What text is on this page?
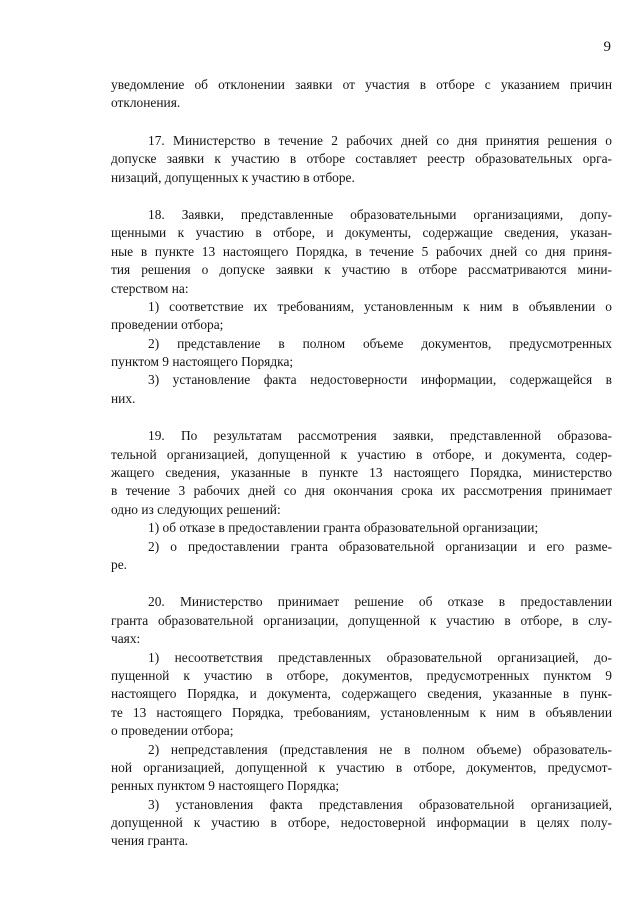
9
уведомление об отклонении заявки от участия в отборе с указанием причин
отклонения.
17. Министерство в течение 2 рабочих дней со дня принятия решения о
допуске заявки к участию в отборе составляет реестр образовательных орга-
низаций, допущенных к участию в отборе.
18. Заявки, представленные образовательными организациями, допу-
щенными к участию в отборе, и документы, содержащие сведения, указан-
ные в пункте 13 настоящего Порядка, в течение 5 рабочих дней со дня приня-
тия решения о допуске заявки к участию в отборе рассматриваются мини-
стерством на:
1) соответствие их требованиям, установленным к ним в объявлении о
проведении отбора;
2) представление в полном объеме документов, предусмотренных
пунктом 9 настоящего Порядка;
3) установление факта недостоверности информации, содержащейся в
них.
19. По результатам рассмотрения заявки, представленной образова-
тельной организацией, допущенной к участию в отборе, и документа, содер-
жащего сведения, указанные в пункте 13 настоящего Порядка, министерство
в течение 3 рабочих дней со дня окончания срока их рассмотрения принимает
одно из следующих решений:
1) об отказе в предоставлении гранта образовательной организации;
2) о предоставлении гранта образовательной организации и его разме-
ре.
20. Министерство принимает решение об отказе в предоставлении
гранта образовательной организации, допущенной к участию в отборе, в слу-
чаях:
1) несоответствия представленных образовательной организацией, до-
пущенной к участию в отборе, документов, предусмотренных пунктом 9
настоящего Порядка, и документа, содержащего сведения, указанные в пунк-
те 13 настоящего Порядка, требованиям, установленным к ним в объявлении
о проведении отбора;
2) непредставления (представления не в полном объеме) образователь-
ной организацией, допущенной к участию в отборе, документов, предусмот-
ренных пунктом 9 настоящего Порядка;
3) установления факта представления образовательной организацией,
допущенной к участию в отборе, недостоверной информации в целях полу-
чения гранта.
